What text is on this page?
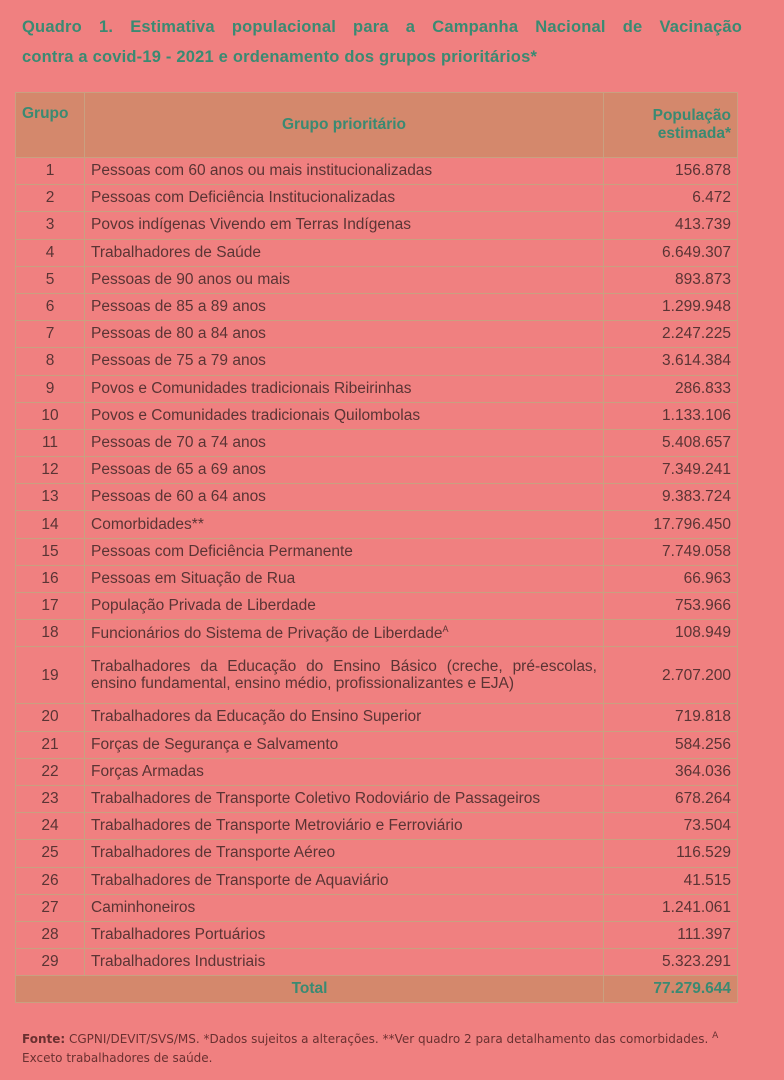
Quadro 1. Estimativa populacional para a Campanha Nacional de Vacinação
contra a covid-19 - 2021 e ordenamento dos grupos prioritários*
Grupo	Grupo prioritário	População
estimada*
1	Pessoas com 60 anos ou mais institucionalizadas	156.878
2	Pessoas com Deficiência Institucionalizadas	6.472
3	Povos indígenas Vivendo em Terras Indígenas	413.739
4	Trabalhadores de Saúde	6.649.307
5	Pessoas de 90 anos ou mais	893.873
6	Pessoas de 85 a 89 anos	1.299.948
7	Pessoas de 80 a 84 anos	2.247.225
8	Pessoas de 75 a 79 anos	3.614.384
9	Povos e Comunidades tradicionais Ribeirinhas	286.833
10	Povos e Comunidades tradicionais Quilombolas	1.133.106
11	Pessoas de 70 a 74 anos	5.408.657
12	Pessoas de 65 a 69 anos	7.349.241
13	Pessoas de 60 a 64 anos	9.383.724
14	Comorbidades**	17.796.450
15	Pessoas com Deficiência Permanente	7.749.058
16	Pessoas em Situação de Rua	66.963
17	População Privada de Liberdade	753.966
18	Funcionários do Sistema de Privação de Liberdade$^A$	108.949
19	Trabalhadores da Educação do Ensino Básico (creche, pré-escolas, ensino fundamental, ensino médio, profissionalizantes e EJA)	2.707.200
20	Trabalhadores da Educação do Ensino Superior	719.818
21	Forças de Segurança e Salvamento	584.256
22	Forças Armadas	364.036
23	Trabalhadores de Transporte Coletivo Rodoviário de Passageiros	678.264
24	Trabalhadores de Transporte Metroviário e Ferroviário	73.504
25	Trabalhadores de Transporte Aéreo	116.529
26	Trabalhadores de Transporte de Aquaviário	41.515
27	Caminhoneiros	1.241.061
28	Trabalhadores Portuários	111.397
29	Trabalhadores Industriais	5.323.291
Total		77.279.644
Fonte: CGPNI/DEVIT/SVS/MS. *Dados sujeitos a alterações. **Ver quadro 2 para detalhamento das comorbidades. $^A$ Exceto trabalhadores de saúde.
